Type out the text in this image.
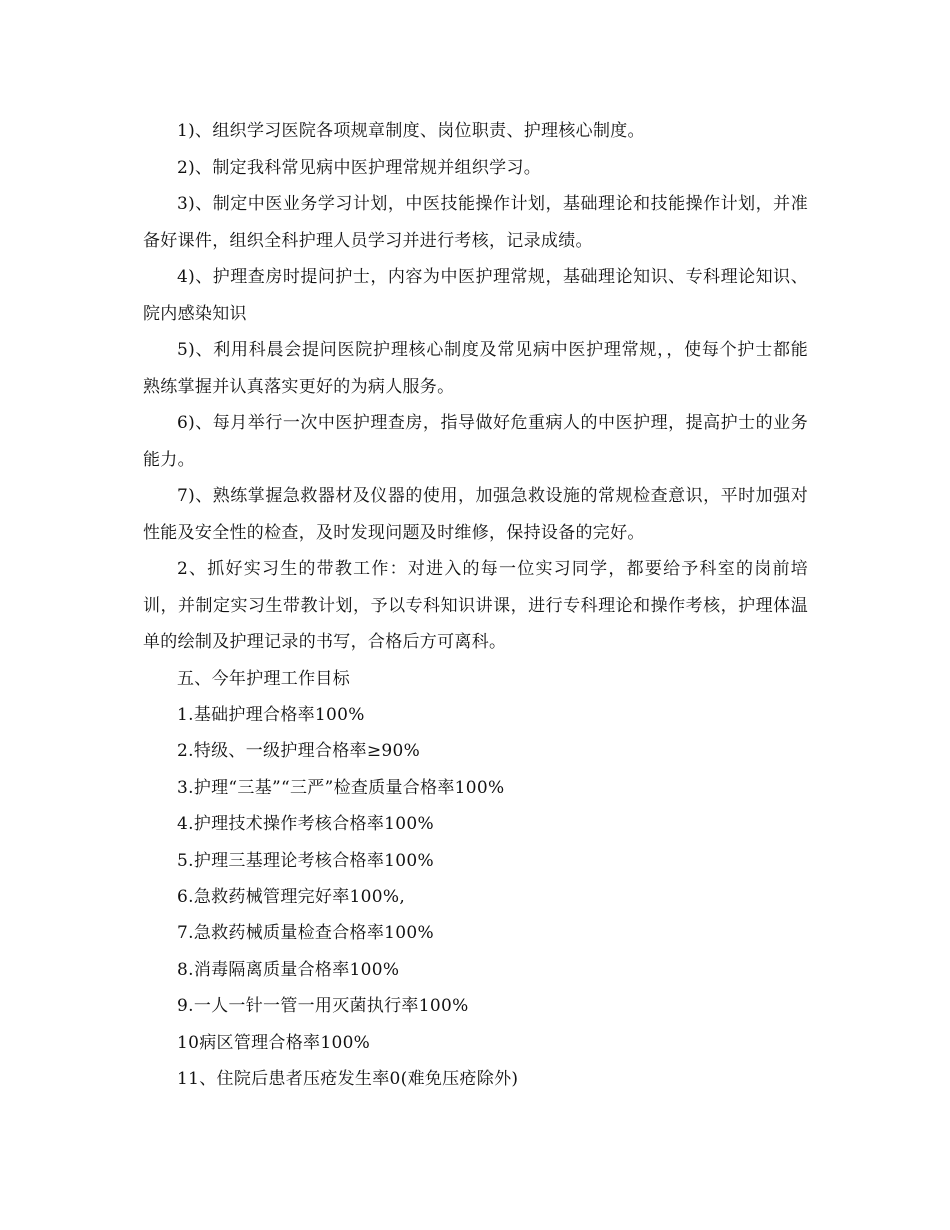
1)、组织学习医院各项规章制度、岗位职责、护理核心制度。

2)、制定我科常见病中医护理常规并组织学习。

3)、制定中医业务学习计划，中医技能操作计划，基础理论和技能操作计划，并准备好课件，组织全科护理人员学习并进行考核，记录成绩。

4)、护理查房时提问护士，内容为中医护理常规，基础理论知识、专科理论知识、院内感染知识

5)、利用科晨会提问医院护理核心制度及常见病中医护理常规，，使每个护士都能熟练掌握并认真落实更好的为病人服务。

6)、每月举行一次中医护理查房，指导做好危重病人的中医护理，提高护士的业务能力。

7)、熟练掌握急救器材及仪器的使用，加强急救设施的常规检查意识，平时加强对性能及安全性的检查，及时发现问题及时维修，保持设备的完好。

2、抓好实习生的带教工作：对进入的每一位实习同学，都要给予科室的岗前培训，并制定实习生带教计划，予以专科知识讲课，进行专科理论和操作考核，护理体温单的绘制及护理记录的书写，合格后方可离科。

五、今年护理工作目标

1.基础护理合格率100%

2.特级、一级护理合格率≥90%

3.护理“三基”“三严”检查质量合格率100%

4.护理技术操作考核合格率100%

5.护理三基理论考核合格率100%

6.急救药械管理完好率100%,

7.急救药械质量检查合格率100%

8.消毒隔离质量合格率100%

9.一人一针一管一用灭菌执行率100%

10病区管理合格率100%

11、住院后患者压疮发生率0(难免压疮除外)
